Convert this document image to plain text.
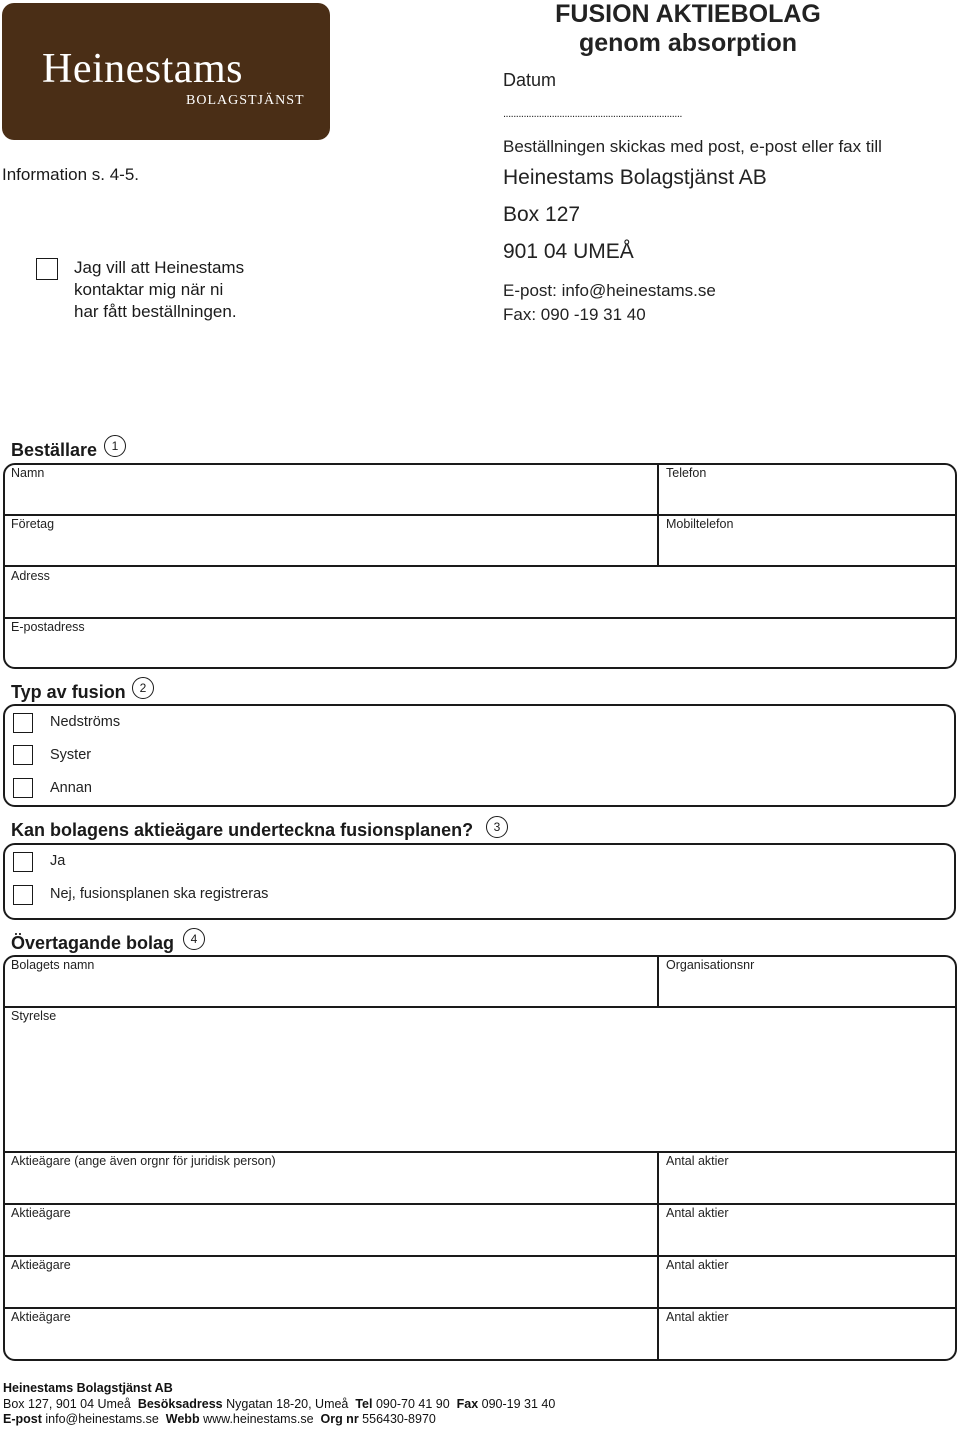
Heinestams
BOLAGSTJÄNST
FUSION AKTIEBOLAG
genom absorption
Information s. 4-5.
Jag vill att Heinestams
kontaktar mig när ni
har fått beställningen.
Datum
......................................................................
Beställningen skickas med post, e-post eller fax till
Heinestams Bolagstjänst AB
Box 127
901 04 UMEÅ
E-post: info@heinestams.se
Fax: 090 -19 31 40
Beställare	1
Namn	Telefon
Företag	Mobiltelefon
Adress
E-postadress
Typ av fusion	2
Nedströms
Syster
Annan
Kan bolagens aktieägare underteckna fusionsplanen?	3
Ja
Nej, fusionsplanen ska registreras
Övertagande bolag	4
Bolagets namn	Organisationsnr
Styrelse
Aktieägare (ange även orgnr för juridisk person)	Antal aktier
Aktieägare	Antal aktier
Aktieägare	Antal aktier
Aktieägare	Antal aktier
Heinestams Bolagstjänst AB
Box 127, 901 04 Umeå Besöksadress Nygatan 18-20, Umeå Tel 090-70 41 90 Fax 090-19 31 40
E-post info@heinestams.se Webb www.heinestams.se Org nr 556430-8970
